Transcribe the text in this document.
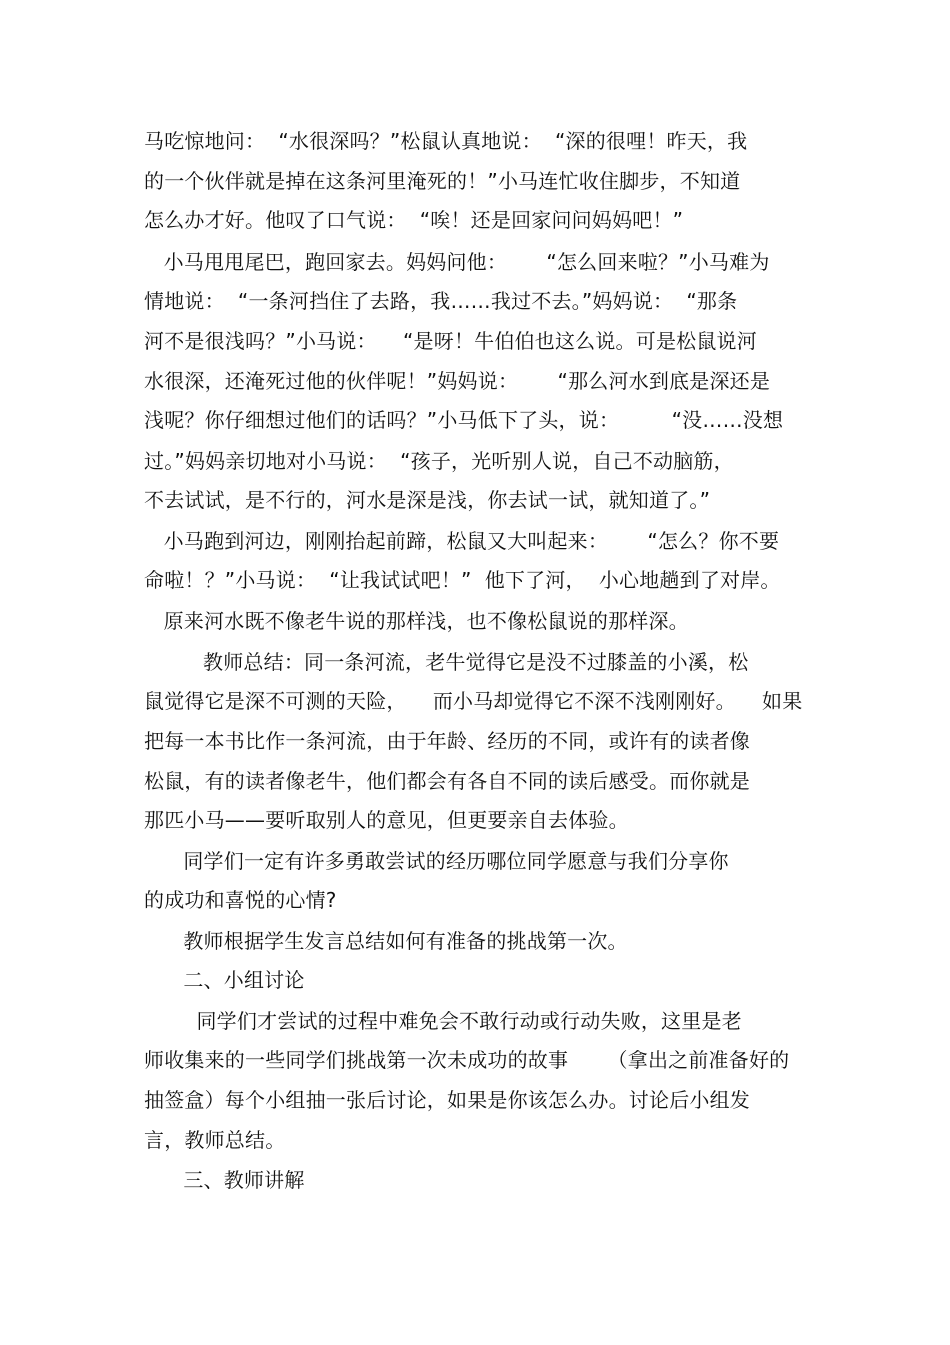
马吃惊地问：  “水很深吗？”松鼠认真地说：  “深的很哩！昨天，我
的一个伙伴就是掉在这条河里淹死的！”小马连忙收住脚步，不知道
怎么办才好。他叹了口气说：  “唉！还是回家问问妈妈吧！”
小马甩甩尾巴，跑回家去。妈妈问他：      “怎么回来啦？”小马难为
情地说：  “一条河挡住了去路，我……我过不去。”妈妈说：  “那条
河不是很浅吗？”小马说：    “是呀！牛伯伯也这么说。可是松鼠说河
水很深，还淹死过他的伙伴呢！”妈妈说：      “那么河水到底是深还是
浅呢？你仔细想过他们的话吗？”小马低下了头，说：        “没……没想
过。”妈妈亲切地对小马说：  “孩子，光听别人说，自己不动脑筋，
不去试试，是不行的，河水是深是浅，你去试一试，就知道了。”
小马跑到河边，刚刚抬起前蹄，松鼠又大叫起来：      “怎么？你不要
命啦！？”小马说：  “让我试试吧！”  他下了河，  小心地趟到了对岸。
原来河水既不像老牛说的那样浅，也不像松鼠说的那样深。
教师总结：同一条河流，老牛觉得它是没不过膝盖的小溪，松
鼠觉得它是深不可测的天险，    而小马却觉得它不深不浅刚刚好。    如果
把每一本书比作一条河流，由于年龄、经历的不同，或许有的读者像
松鼠，有的读者像老牛，他们都会有各自不同的读后感受。而你就是
那匹小马——要听取别人的意见，但更要亲自去体验。
同学们一定有许多勇敢尝试的经历哪位同学愿意与我们分享你
的成功和喜悦的心情?
教师根据学生发言总结如何有准备的挑战第一次。
二、小组讨论
同学们才尝试的过程中难免会不敢行动或行动失败，这里是老
师收集来的一些同学们挑战第一次未成功的故事      （拿出之前准备好的
抽签盒）每个小组抽一张后讨论，如果是你该怎么办。讨论后小组发
言，教师总结。
三、教师讲解
